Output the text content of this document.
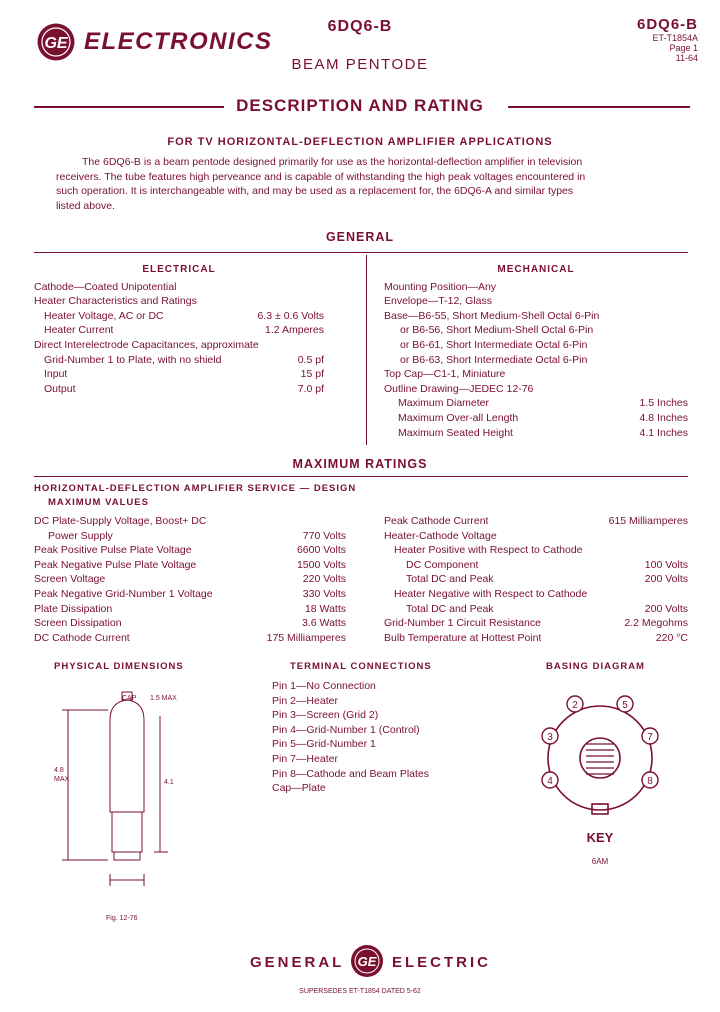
GE ELECTRONICS
6DQ6-B
BEAM PENTODE
6DQ6-B
ET-T1854A
Page 1
11-64
DESCRIPTION AND RATING
FOR TV HORIZONTAL-DEFLECTION AMPLIFIER APPLICATIONS
The 6DQ6-B is a beam pentode designed primarily for use as the horizontal-deflection amplifier in television
receivers. The tube features high perveance and is capable of withstanding the high peak voltages encountered in
such operation. It is interchangeable with, and may be used as a replacement for, the 6DQ6-A and similar types
listed above.
GENERAL
ELECTRICAL
Cathode—Coated Unipotential
Heater Characteristics and Ratings
Heater Voltage, AC or DC	6.3 ± 0.6 Volts
Heater Current	1.2 Amperes
Direct Interelectrode Capacitances, approximate
Grid-Number 1 to Plate, with no shield	0.5 pf
Input	15 pf
Output	7.0 pf
MECHANICAL
Mounting Position—Any
Envelope—T-12, Glass
Base—B6-55, Short Medium-Shell Octal 6-Pin
or B6-56, Short Medium-Shell Octal 6-Pin
or B6-61, Short Intermediate Octal 6-Pin
or B6-63, Short Intermediate Octal 6-Pin
Top Cap—C1-1, Miniature
Outline Drawing—JEDEC 12-76
Maximum Diameter	1.5 Inches
Maximum Over-all Length	4.8 Inches
Maximum Seated Height	4.1 Inches
MAXIMUM RATINGS
HORIZONTAL-DEFLECTION AMPLIFIER SERVICE — DESIGN
MAXIMUM VALUES
DC Plate-Supply Voltage, Boost+ DC
Power Supply	770 Volts
Peak Positive Pulse Plate Voltage	6600 Volts
Peak Negative Pulse Plate Voltage	1500 Volts
Screen Voltage	220 Volts
Peak Negative Grid-Number 1 Voltage	330 Volts
Plate Dissipation	18 Watts
Screen Dissipation	3.6 Watts
DC Cathode Current	175 Milliamperes
Peak Cathode Current	615 Milliamperes
Heater-Cathode Voltage
Heater Positive with Respect to Cathode
DC Component	100 Volts
Total DC and Peak	200 Volts
Heater Negative with Respect to Cathode
Total DC and Peak	200 Volts
Grid-Number 1 Circuit Resistance	2.2 Megohms
Bulb Temperature at Hottest Point	220 °C
PHYSICAL DIMENSIONS	TERMINAL CONNECTIONS	BASING DIAGRAM
CAP 1.5 MAX
4.8
MAX	4.1
Fig. 12-76
Pin 1—No Connection
Pin 2—Heater
Pin 3—Screen (Grid 2)
Pin 4—Grid-Number 1 (Control)
Pin 5—Grid-Number 1
Pin 7—Heater
Pin 8—Cathode and Beam Plates
Cap—Plate
2
3
4
5
7
8
KEY
6AM
GENERAL GE ELECTRIC
SUPERSEDES ET-T1854 DATED 5-62
